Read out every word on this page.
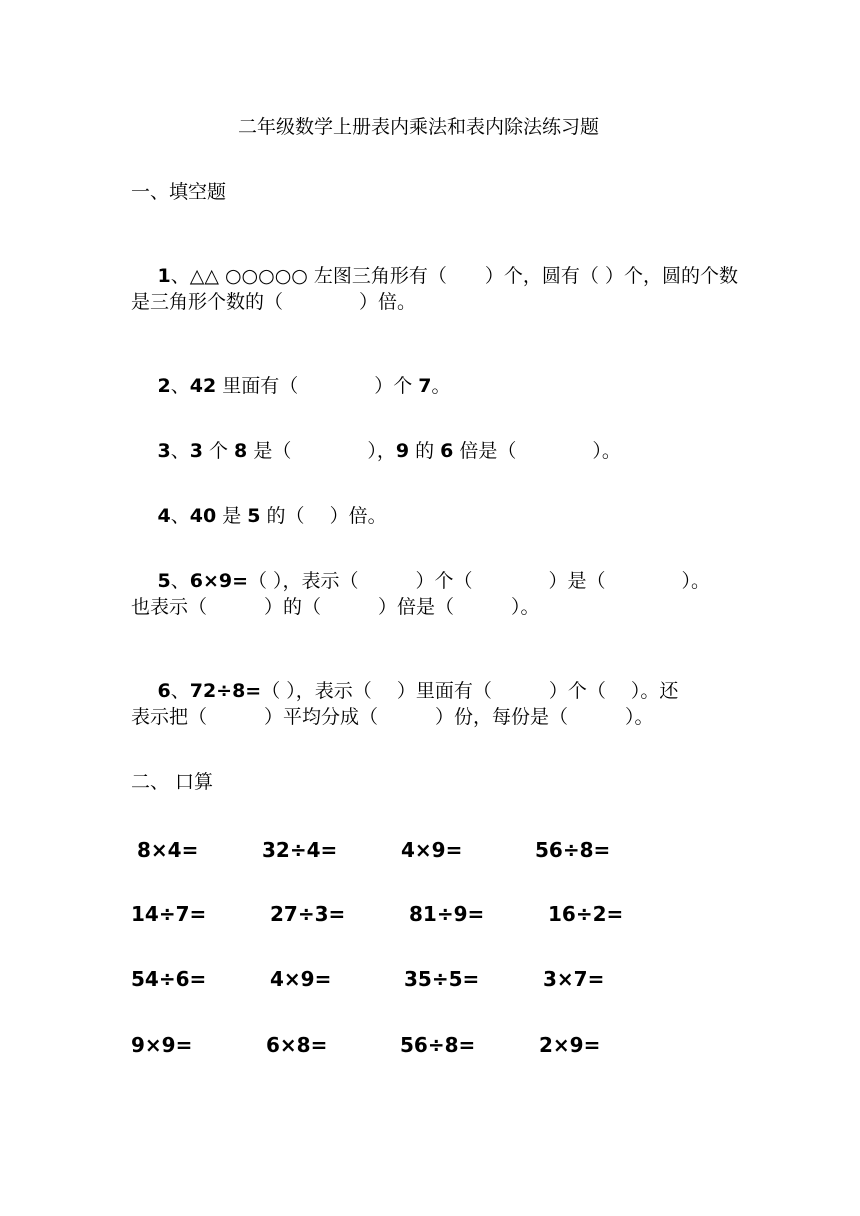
二年级数学上册表内乘法和表内除法练习题
一、填空题

1、△△ ○○○○○ 左图三角形有（　　）个，圆有（ ）个，圆的个数

是三角形个数的（　　　　）倍。

2、42 里面有（　　　　）个 7。

3、3 个 8 是（　　　　），9 的 6 倍是（　　　　）。

4、40 是 5 的（　 ）倍。

5、6×9=（ ），表示（　　　）个（　　　　）是（　　　　）。

也表示（　　　）的（　　　）倍是（　　　）。

6、72÷8=（ ），表示（　 ）里面有（　　　）个（　 ）。还

表示把（　　　）平均分成（　　　）份，每份是（　　　）。
二、 口算
8×4=	32÷4=	4×9=	56÷8=
14÷7=	27÷3=	81÷9=	16÷2=
54÷6=	4×9=	35÷5=	3×7=
9×9=	6×8=	56÷8=	2×9=
